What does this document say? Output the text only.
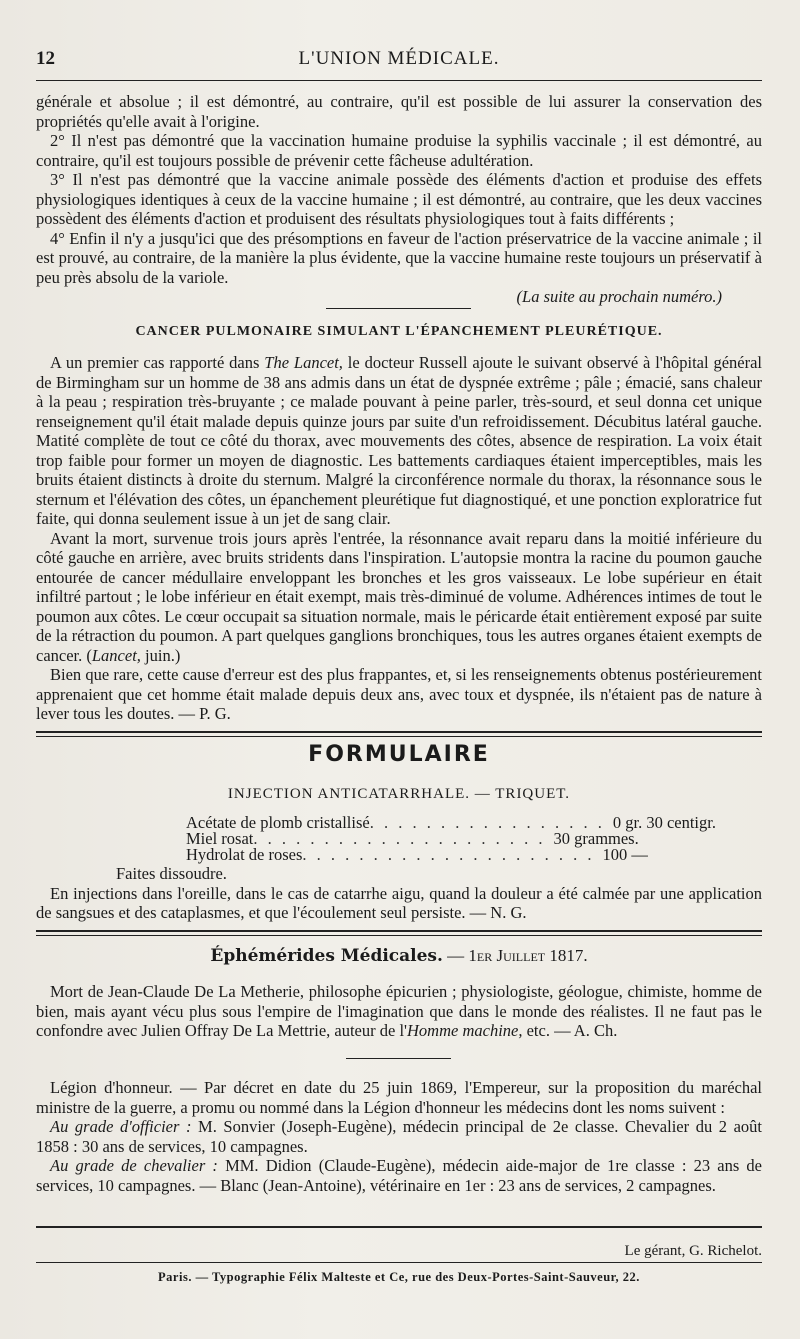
12	L'UNION MÉDICALE.

générale et absolue ; il est démontré, au contraire, qu'il est possible de lui assurer la conservation des propriétés qu'elle avait à l'origine.

2° Il n'est pas démontré que la vaccination humaine produise la syphilis vaccinale ; il est démontré, au contraire, qu'il est toujours possible de prévenir cette fâcheuse adultération.

3° Il n'est pas démontré que la vaccine animale possède des éléments d'action et produise des effets physiologiques identiques à ceux de la vaccine humaine ; il est démontré, au contraire, que les deux vaccines possèdent des éléments d'action et produisent des résultats physiologiques tout à faits différents ;

4° Enfin il n'y a jusqu'ici que des présomptions en faveur de l'action préservatrice de la vaccine animale ; il est prouvé, au contraire, de la manière la plus évidente, que la vaccine humaine reste toujours un préservatif à peu près absolu de la variole.

(La suite au prochain numéro.)

CANCER PULMONAIRE SIMULANT L'ÉPANCHEMENT PLEURÉTIQUE.

A un premier cas rapporté dans The Lancet, le docteur Russell ajoute le suivant observé à l'hôpital général de Birmingham sur un homme de 38 ans admis dans un état de dyspnée extrême ; pâle ; émacié, sans chaleur à la peau ; respiration très-bruyante ; ce malade pouvant à peine parler, très-sourd, et seul donna cet unique renseignement qu'il était malade depuis quinze jours par suite d'un refroidissement. Décubitus latéral gauche. Matité complète de tout ce côté du thorax, avec mouvements des côtes, absence de respiration. La voix était trop faible pour former un moyen de diagnostic. Les battements cardiaques étaient imperceptibles, mais les bruits étaient distincts à droite du sternum. Malgré la circonférence normale du thorax, la résonnance sous le sternum et l'élévation des côtes, un épanchement pleurétique fut diagnostiqué, et une ponction exploratrice fut faite, qui donna seulement issue à un jet de sang clair.

Avant la mort, survenue trois jours après l'entrée, la résonnance avait reparu dans la moitié inférieure du côté gauche en arrière, avec bruits stridents dans l'inspiration. L'autopsie montra la racine du poumon gauche entourée de cancer médullaire enveloppant les bronches et les gros vaisseaux. Le lobe supérieur en était infiltré partout ; le lobe inférieur en était exempt, mais très-diminué de volume. Adhérences intimes de tout le poumon aux côtes. Le cœur occupait sa situation normale, mais le péricarde était entièrement exposé par suite de la rétraction du poumon. A part quelques ganglions bronchiques, tous les autres organes étaient exempts de cancer. (Lancet, juin.)

Bien que rare, cette cause d'erreur est des plus frappantes, et, si les renseignements obtenus postérieurement apprenaient que cet homme était malade depuis deux ans, avec toux et dyspnée, ils n'étaient pas de nature à lever tous les doutes. — P. G.

FORMULAIRE
INJECTION ANTICATARRHALE. — TRIQUET.
Acétate de plomb cristallisé . . . . . . . . . . . . . . . . . 0 gr. 30 centigr.
Miel rosat . . . . . . . . . . . . . . . . . . . . . 30 grammes.
Hydrolat de roses . . . . . . . . . . . . . . . . . . . . . 100 —

Faites dissoudre.

En injections dans l'oreille, dans le cas de catarrhe aigu, quand la douleur a été calmée par une application de sangsues et des cataplasmes, et que l'écoulement seul persiste. — N. G.

Éphémérides Médicales. — 1er Juillet 1817.

Mort de Jean-Claude De La Metherie, philosophe épicurien ; physiologiste, géologue, chimiste, homme de bien, mais ayant vécu plus sous l'empire de l'imagination que dans le monde des réalistes. Il ne faut pas le confondre avec Julien Offray De La Mettrie, auteur de l'Homme machine, etc. — A. Ch.

Légion d'honneur. — Par décret en date du 25 juin 1869, l'Empereur, sur la proposition du maréchal ministre de la guerre, a promu ou nommé dans la Légion d'honneur les médecins dont les noms suivent :

Au grade d'officier : M. Sonvier (Joseph-Eugène), médecin principal de 2e classe. Chevalier du 2 août 1858 : 30 ans de services, 10 campagnes.

Au grade de chevalier : MM. Didion (Claude-Eugène), médecin aide-major de 1re classe : 23 ans de services, 10 campagnes. — Blanc (Jean-Antoine), vétérinaire en 1er : 23 ans de services, 2 campagnes.

Le gérant, G. Richelot.
Paris. — Typographie Félix Malteste et Ce, rue des Deux-Portes-Saint-Sauveur, 22.
